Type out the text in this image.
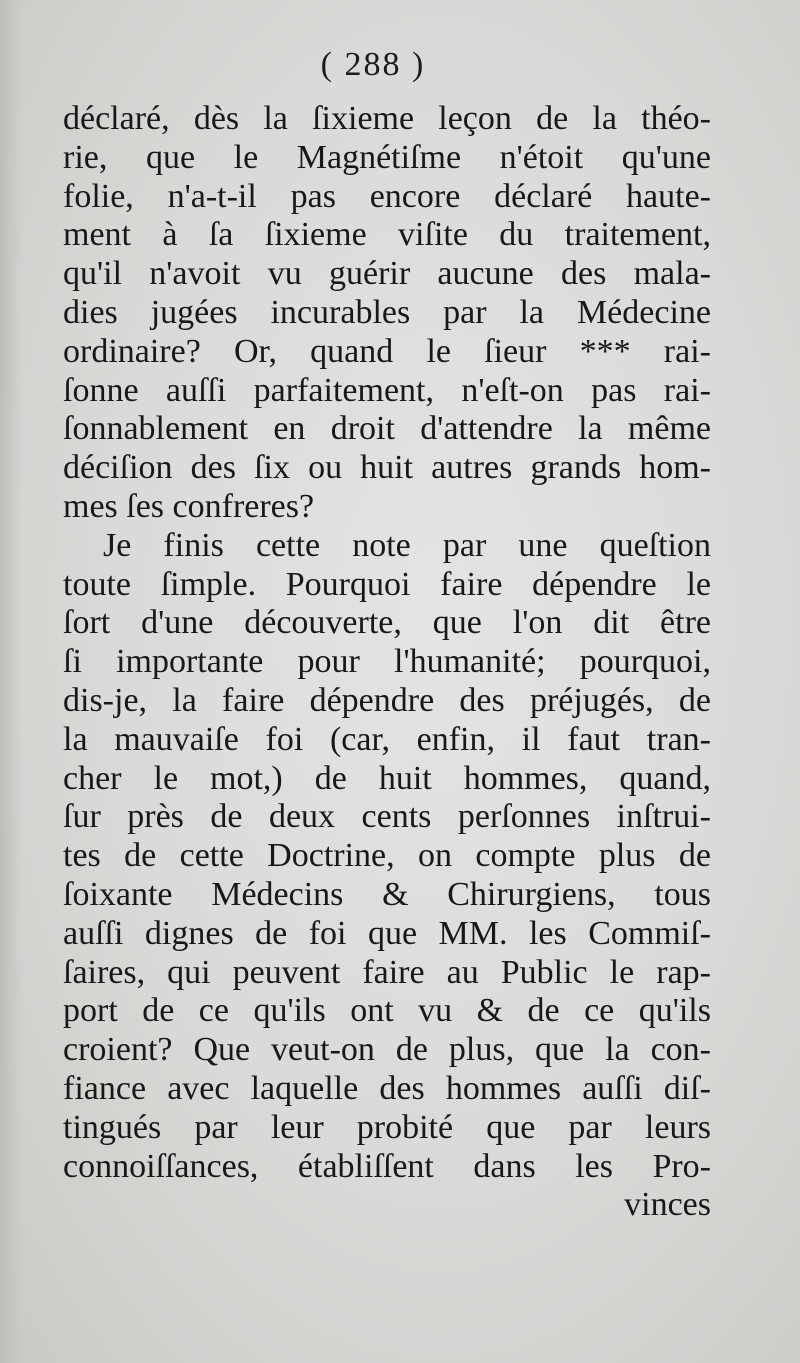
( 288 )
déclaré, dès la ſixieme leçon de la théo-
rie, que le Magnétiſme n'étoit qu'une
folie, n'a-t-il pas encore déclaré haute-
ment à ſa ſixieme viſite du traitement,
qu'il n'avoit vu guérir aucune des mala-
dies jugées incurables par la Médecine
ordinaire? Or, quand le ſieur *** rai-
ſonne auſſi parfaitement, n'eſt-on pas rai-
ſonnablement en droit d'attendre la même
déciſion des ſix ou huit autres grands hom-
mes ſes confreres?
Je finis cette note par une queſtion
toute ſimple. Pourquoi faire dépendre le
ſort d'une découverte, que l'on dit être
ſi importante pour l'humanité; pourquoi,
dis-je, la faire dépendre des préjugés, de
la mauvaiſe foi (car, enfin, il faut tran-
cher le mot,) de huit hommes, quand,
ſur près de deux cents perſonnes inſtrui-
tes de cette Doctrine, on compte plus de
ſoixante Médecins & Chirurgiens, tous
auſſi dignes de foi que MM. les Commiſ-
ſaires, qui peuvent faire au Public le rap-
port de ce qu'ils ont vu & de ce qu'ils
croient? Que veut-on de plus, que la con-
fiance avec laquelle des hommes auſſi diſ-
tingués par leur probité que par leurs
connoiſſances, établiſſent dans les Pro-
vinces
